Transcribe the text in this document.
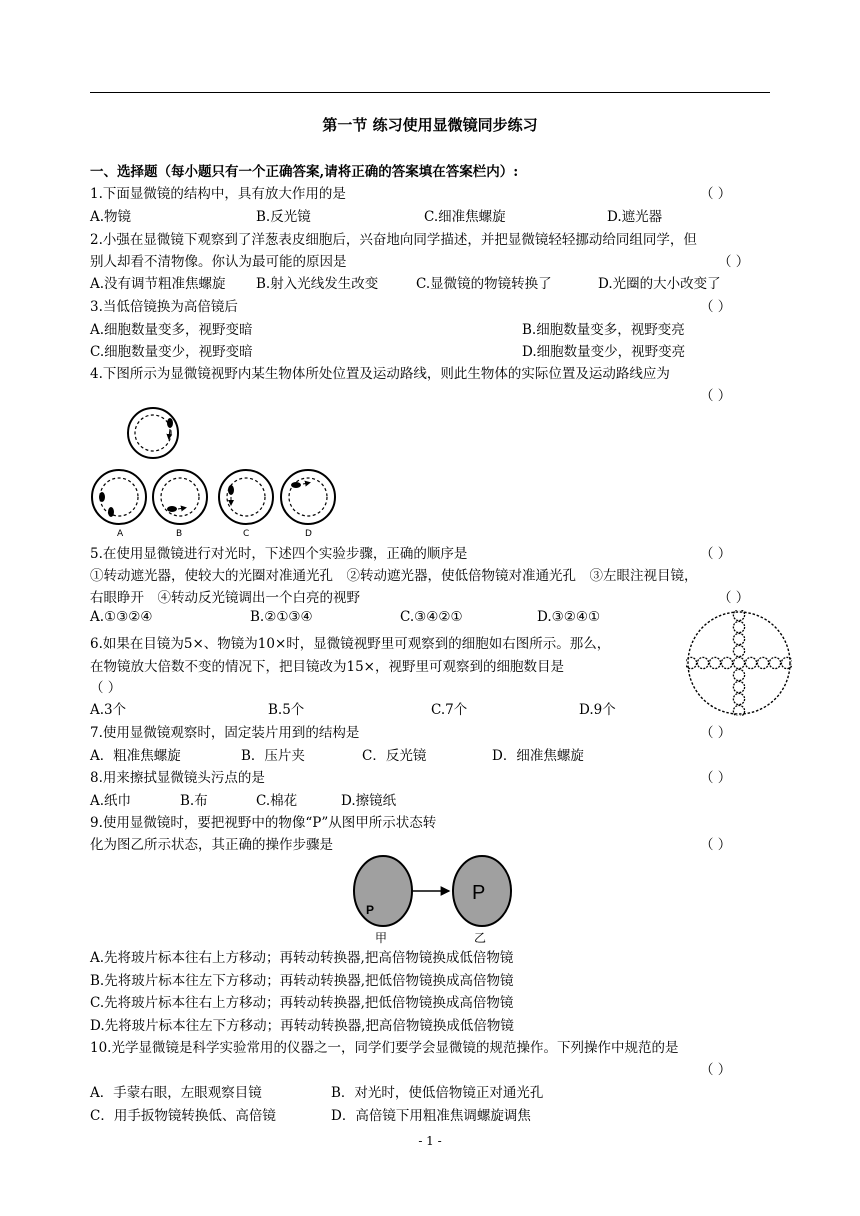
第一节 练习使用显微镜同步练习
一、选择题（每小题只有一个正确答案,请将正确的答案填在答案栏内）:
1.下面显微镜的结构中，具有放大作用的是	（ ）
A.物镜	B.反光镜	C.细准焦螺旋	D.遮光器
2.小强在显微镜下观察到了洋葱表皮细胞后，兴奋地向同学描述，并把显微镜轻轻挪动给同组同学，但
别人却看不清物像。你认为最可能的原因是	（ ）
A.没有调节粗准焦螺旋 B.射入光线发生改变	C.显微镜的物镜转换了	D.光圈的大小改变了
3.当低倍镜换为高倍镜后	（ ）
A.细胞数量变多，视野变暗	B.细胞数量变多，视野变亮
C.细胞数量变少，视野变暗	D.细胞数量变少，视野变亮
4.下图所示为显微镜视野内某生物体所处位置及运动路线，则此生物体的实际位置及运动路线应为
（ ）
A	B	C	D
5.在使用显微镜进行对光时，下述四个实验步骤，正确的顺序是	（ ）
①转动遮光器，使较大的光圈对准通光孔　②转动遮光器，使低倍物镜对准通光孔　③左眼注视目镜，
右眼睁开　④转动反光镜调出一个白亮的视野	（ ）
A.①③②④	B.②①③④	C.③④②①	D.③②④①
6.如果在目镜为5×、物镜为10×时，显微镜视野里可观察到的细胞如右图所示。那么，
在物镜放大倍数不变的情况下，把目镜改为15×，视野里可观察到的细胞数目是
（ ）
A.3个	B.5个	C.7个	D.9个
7.使用显微镜观察时，固定装片用到的结构是	（ ）
A．粗准焦螺旋	B．压片夹	C．反光镜	D．细准焦螺旋
8.用来擦拭显微镜头污点的是	（ ）
A.纸巾	B.布	C.棉花	D.擦镜纸
9.使用显微镜时，要把视野中的物像“P”从图甲所示状态转
化为图乙所示状态，其正确的操作步骤是	（ ）
P
P
甲	乙
A.先将玻片标本往右上方移动；再转动转换器,把高倍物镜换成低倍物镜
B.先将玻片标本往左下方移动；再转动转换器,把低倍物镜换成高倍物镜
C.先将玻片标本往右上方移动；再转动转换器,把低倍物镜换成高倍物镜
D.先将玻片标本往左下方移动；再转动转换器,把高倍物镜换成低倍物镜
10.光学显微镜是科学实验常用的仪器之一，同学们要学会显微镜的规范操作。下列操作中规范的是
（ ）
A．手蒙右眼，左眼观察目镜	B．对光时，使低倍物镜正对通光孔
C．用手扳物镜转换低、高倍镜	D．高倍镜下用粗准焦调螺旋调焦
- 1 -
